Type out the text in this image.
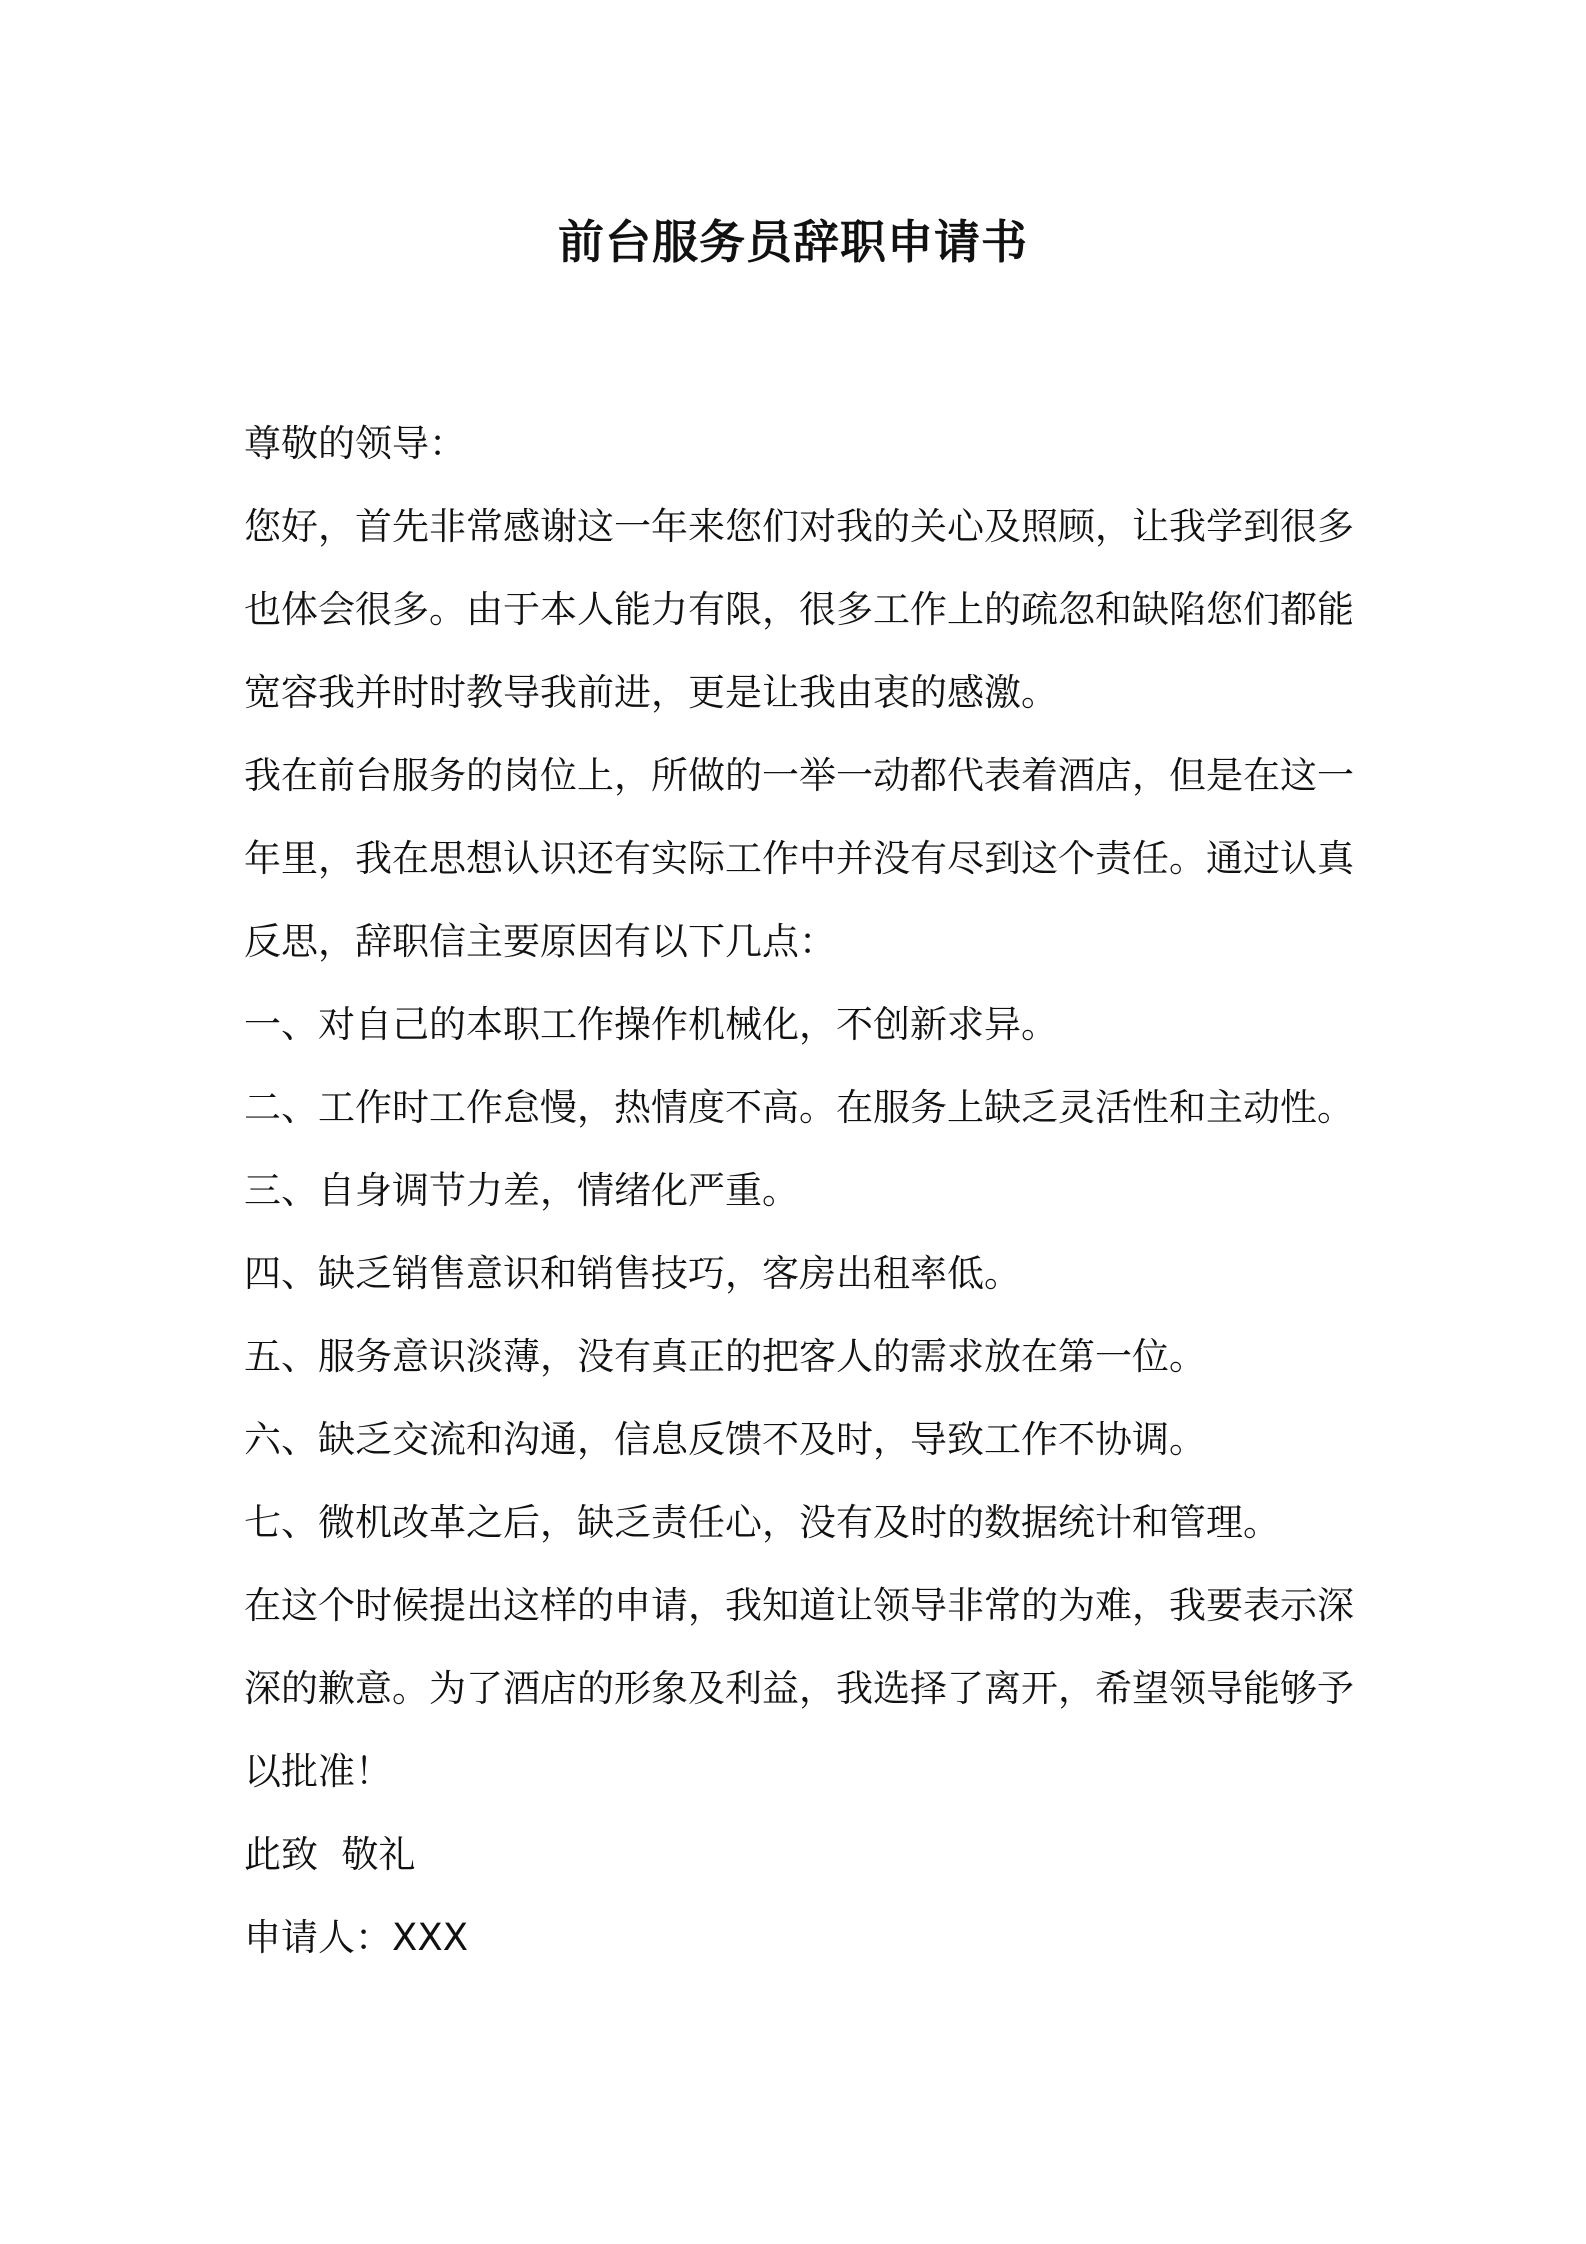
前台服务员辞职申请书
尊敬的领导：
您好，首先非常感谢这一年来您们对我的关心及照顾，让我学到很多
也体会很多。由于本人能力有限，很多工作上的疏忽和缺陷您们都能
宽容我并时时教导我前进，更是让我由衷的感激。
我在前台服务的岗位上，所做的一举一动都代表着酒店，但是在这一
年里，我在思想认识还有实际工作中并没有尽到这个责任。通过认真
反思，辞职信主要原因有以下几点：
一、对自己的本职工作操作机械化，不创新求异。
二、工作时工作怠慢，热情度不高。在服务上缺乏灵活性和主动性。
三、自身调节力差，情绪化严重。
四、缺乏销售意识和销售技巧，客房出租率低。
五、服务意识淡薄，没有真正的把客人的需求放在第一位。
六、缺乏交流和沟通，信息反馈不及时，导致工作不协调。
七、微机改革之后，缺乏责任心，没有及时的数据统计和管理。
在这个时候提出这样的申请，我知道让领导非常的为难，我要表示深
深的歉意。为了酒店的形象及利益，我选择了离开，希望领导能够予
以批准！
此致  敬礼
申请人：XXX
